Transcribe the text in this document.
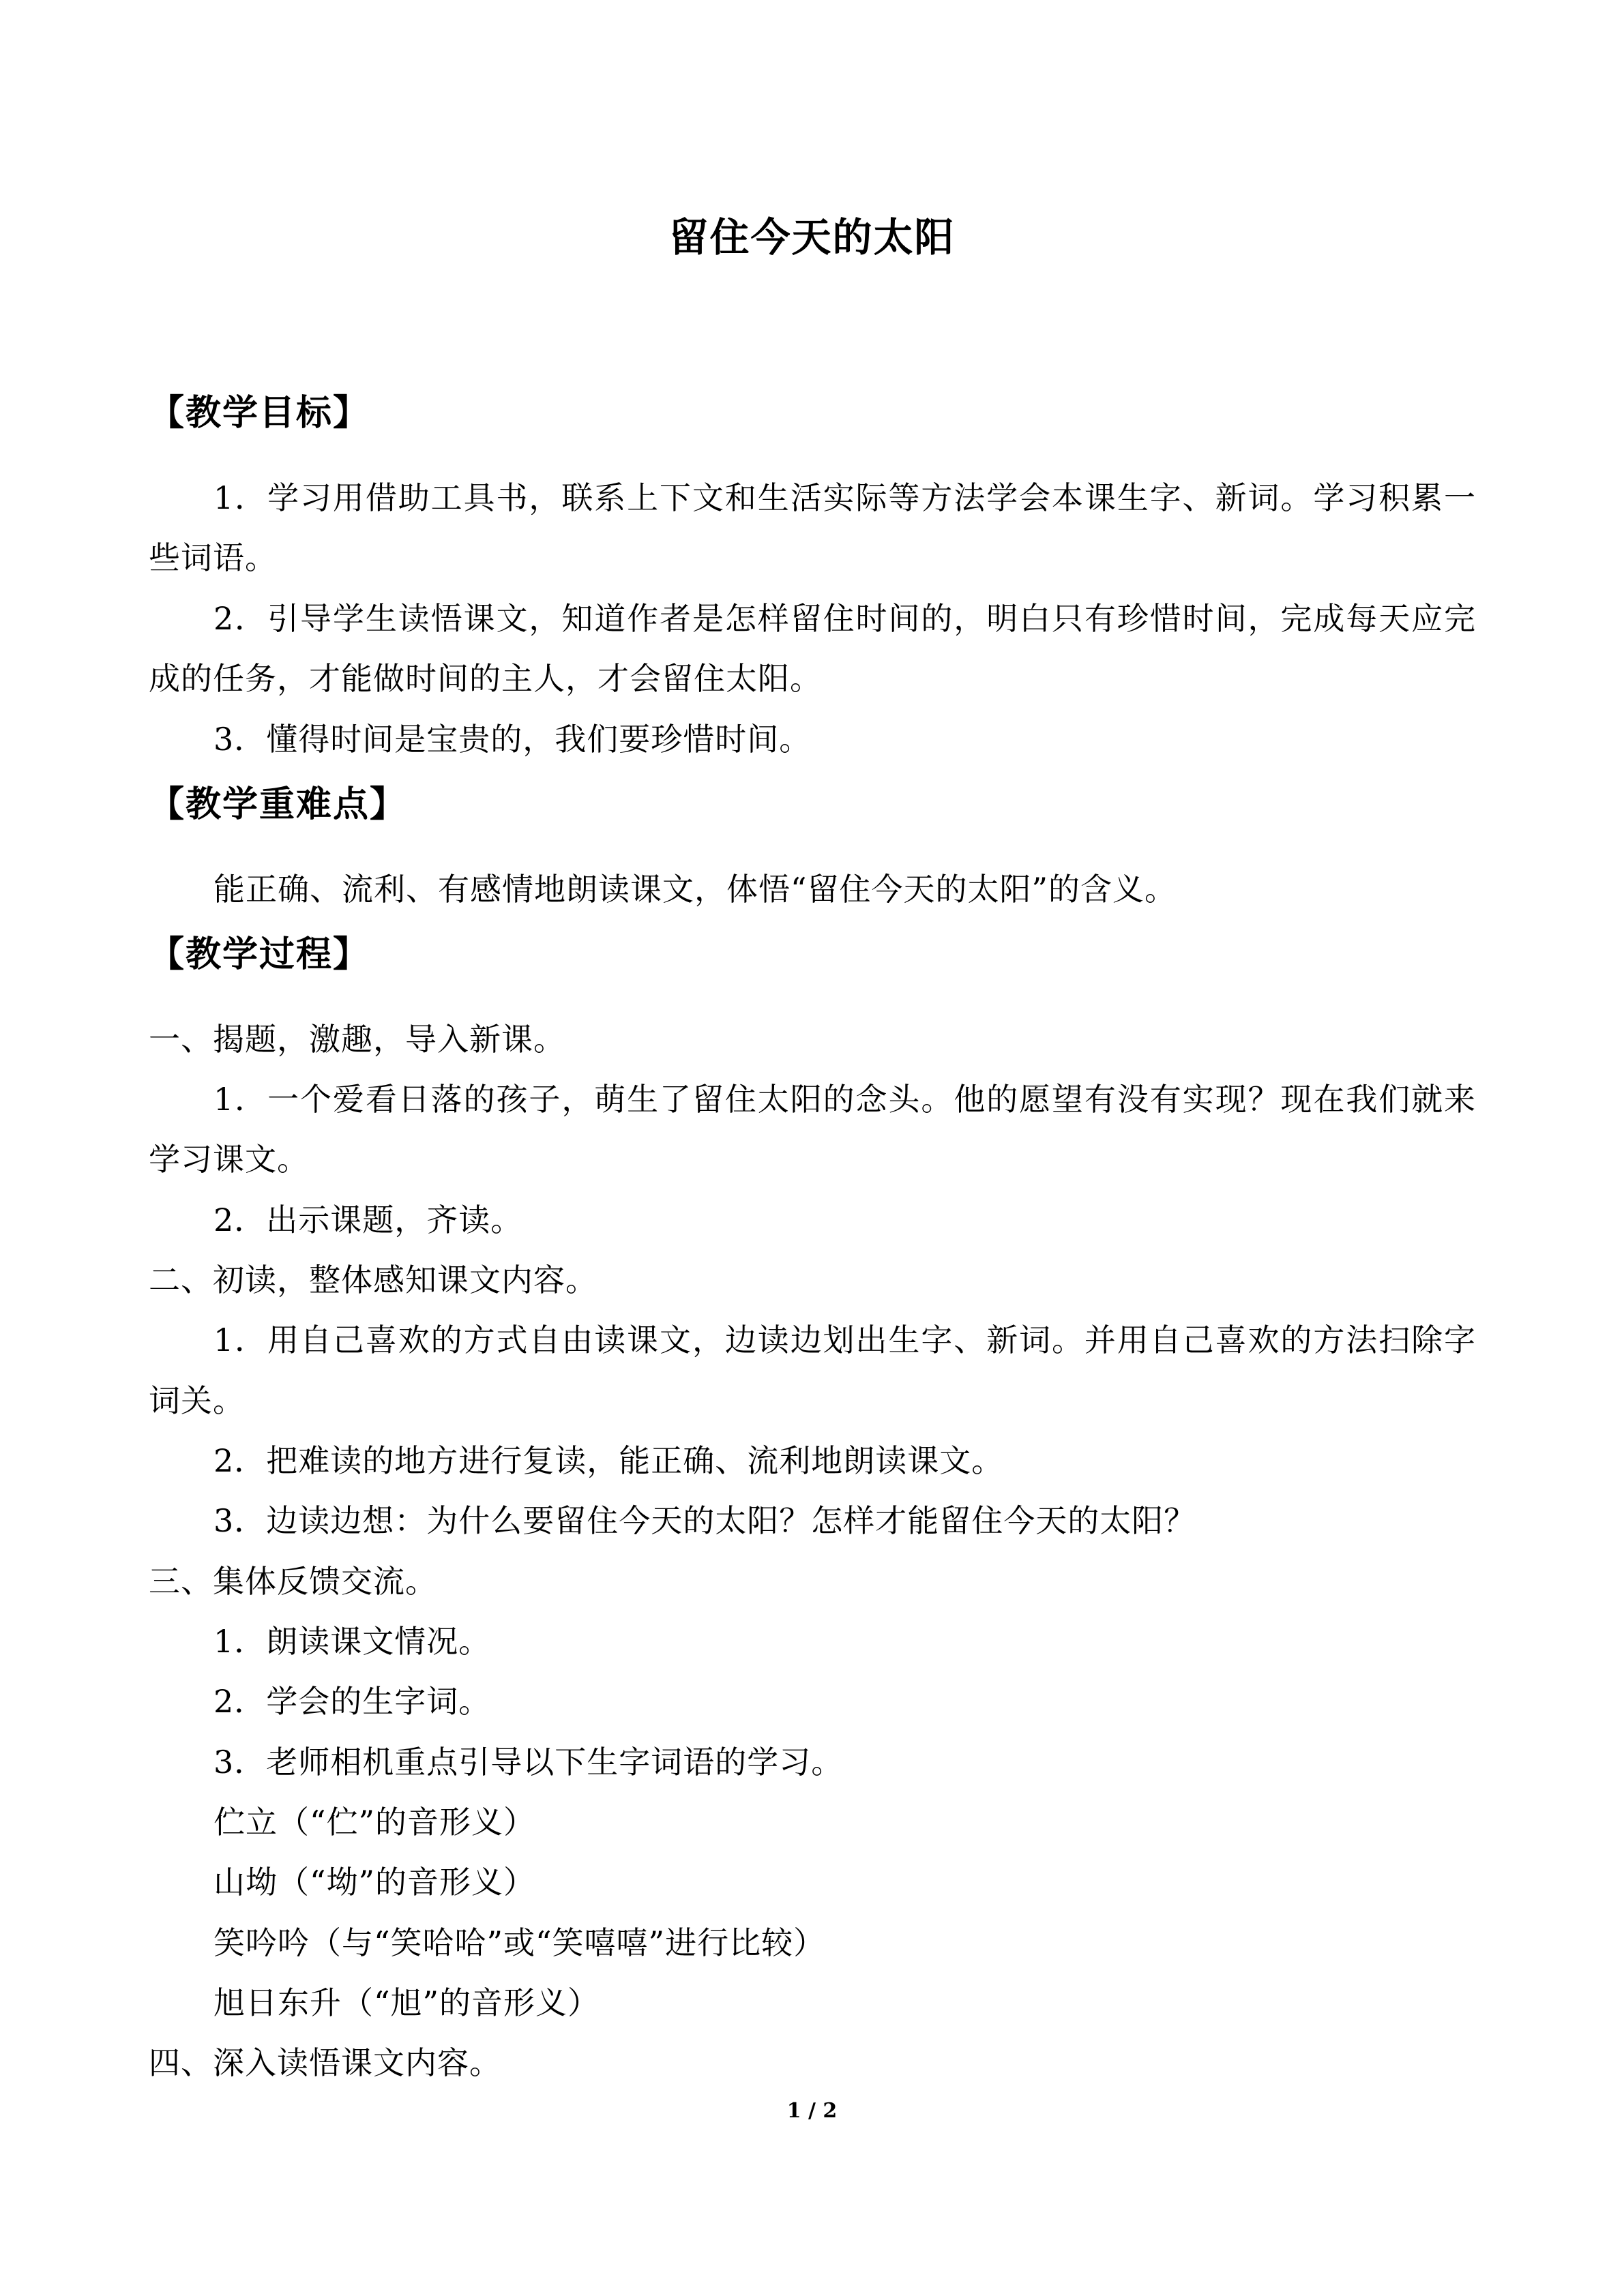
留住今天的太阳
【教学目标】
1．学习用借助工具书，联系上下文和生活实际等方法学会本课生字、新词。学习积累一
些词语。
2．引导学生读悟课文，知道作者是怎样留住时间的，明白只有珍惜时间，完成每天应完
成的任务，才能做时间的主人，才会留住太阳。
3．懂得时间是宝贵的，我们要珍惜时间。
【教学重难点】
能正确、流利、有感情地朗读课文，体悟“留住今天的太阳”的含义。
【教学过程】
一、揭题，激趣，导入新课。
1．一个爱看日落的孩子，萌生了留住太阳的念头。他的愿望有没有实现？现在我们就来
学习课文。
2．出示课题，齐读。
二、初读，整体感知课文内容。
1．用自己喜欢的方式自由读课文，边读边划出生字、新词。并用自己喜欢的方法扫除字
词关。
2．把难读的地方进行复读，能正确、流利地朗读课文。
3．边读边想：为什么要留住今天的太阳？怎样才能留住今天的太阳？
三、集体反馈交流。
1．朗读课文情况。
2．学会的生字词。
3．老师相机重点引导以下生字词语的学习。
伫立（“伫”的音形义）
山坳（“坳”的音形义）
笑吟吟（与“笑哈哈”或“笑嘻嘻”进行比较）
旭日东升（“旭”的音形义）
四、深入读悟课文内容。
1 / 2
